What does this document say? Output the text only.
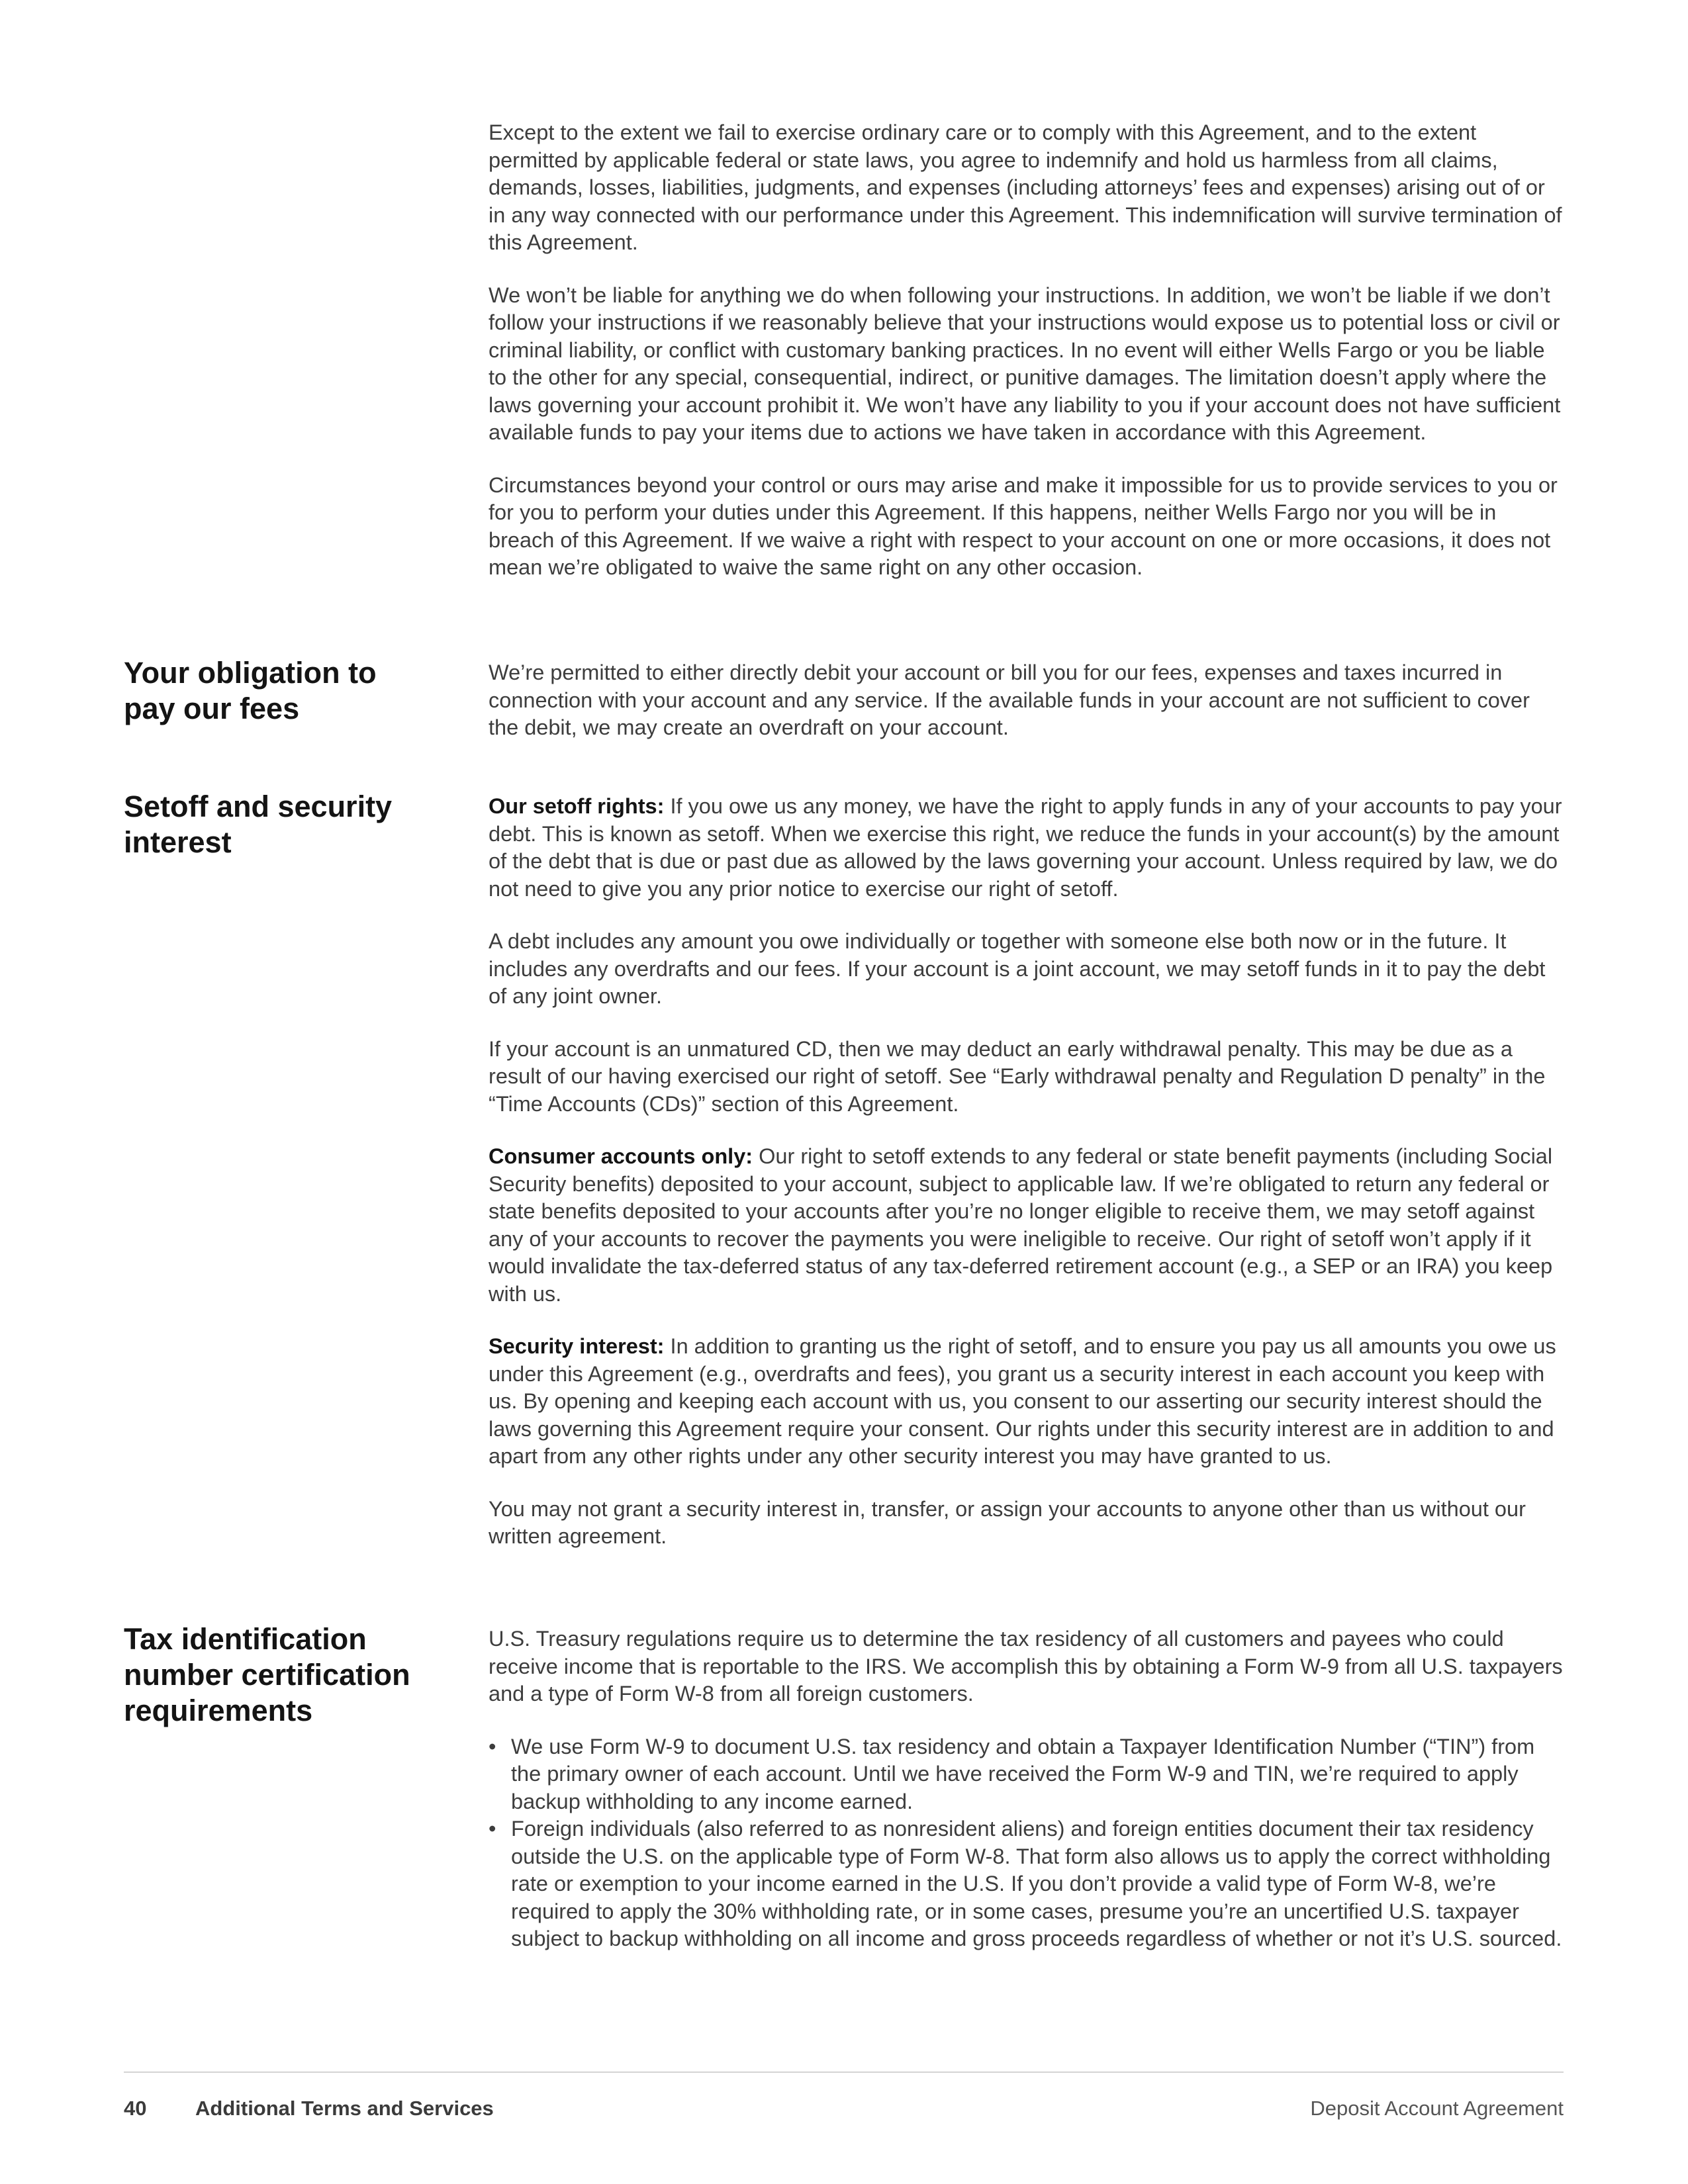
Except to the extent we fail to exercise ordinary care or to comply with this Agreement, and to the extent permitted by applicable federal or state laws, you agree to indemnify and hold us harmless from all claims, demands, losses, liabilities, judgments, and expenses (including attorneys’ fees and expenses) arising out of or in any way connected with our performance under this Agreement. This indemnification will survive termination of this Agreement.

We won’t be liable for anything we do when following your instructions. In addition, we won’t be liable if we don’t follow your instructions if we reasonably believe that your instructions would expose us to potential loss or civil or criminal liability, or conflict with customary banking practices. In no event will either Wells Fargo or you be liable to the other for any special, consequential, indirect, or punitive damages. The limitation doesn’t apply where the laws governing your account prohibit it. We won’t have any liability to you if your account does not have sufficient available funds to pay your items due to actions we have taken in accordance with this Agreement.

Circumstances beyond your control or ours may arise and make it impossible for us to provide services to you or for you to perform your duties under this Agreement. If this happens, neither Wells Fargo nor you will be in breach of this Agreement. If we waive a right with respect to your account on one or more occasions, it does not mean we’re obligated to waive the same right on any other occasion.

Your obligation to pay our fees

We’re permitted to either directly debit your account or bill you for our fees, expenses and taxes incurred in connection with your account and any service. If the available funds in your account are not sufficient to cover the debit, we may create an overdraft on your account.

Setoff and security interest

Our setoff rights: If you owe us any money, we have the right to apply funds in any of your accounts to pay your debt. This is known as setoff. When we exercise this right, we reduce the funds in your account(s) by the amount of the debt that is due or past due as allowed by the laws governing your account. Unless required by law, we do not need to give you any prior notice to exercise our right of setoff.

A debt includes any amount you owe individually or together with someone else both now or in the future. It includes any overdrafts and our fees. If your account is a joint account, we may setoff funds in it to pay the debt of any joint owner.

If your account is an unmatured CD, then we may deduct an early withdrawal penalty. This may be due as a result of our having exercised our right of setoff. See “Early withdrawal penalty and Regulation D penalty” in the “Time Accounts (CDs)” section of this Agreement.

Consumer accounts only: Our right to setoff extends to any federal or state benefit payments (including Social Security benefits) deposited to your account, subject to applicable law. If we’re obligated to return any federal or state benefits deposited to your accounts after you’re no longer eligible to receive them, we may setoff against any of your accounts to recover the payments you were ineligible to receive. Our right of setoff won’t apply if it would invalidate the tax-deferred status of any tax-deferred retirement account (e.g., a SEP or an IRA) you keep with us.

Security interest: In addition to granting us the right of setoff, and to ensure you pay us all amounts you owe us under this Agreement (e.g., overdrafts and fees), you grant us a security interest in each account you keep with us. By opening and keeping each account with us, you consent to our asserting our security interest should the laws governing this Agreement require your consent. Our rights under this security interest are in addition to and apart from any other rights under any other security interest you may have granted to us.

You may not grant a security interest in, transfer, or assign your accounts to anyone other than us without our written agreement.

Tax identification number certification requirements

U.S. Treasury regulations require us to determine the tax residency of all customers and payees who could receive income that is reportable to the IRS. We accomplish this by obtaining a Form W-9 from all U.S. taxpayers and a type of Form W-8 from all foreign customers.

• We use Form W-9 to document U.S. tax residency and obtain a Taxpayer Identification Number (“TIN”) from the primary owner of each account. Until we have received the Form W-9 and TIN, we’re required to apply backup withholding to any income earned.
• Foreign individuals (also referred to as nonresident aliens) and foreign entities document their tax residency outside the U.S. on the applicable type of Form W-8. That form also allows us to apply the correct withholding rate or exemption to your income earned in the U.S. If you don’t provide a valid type of Form W-8, we’re required to apply the 30% withholding rate, or in some cases, presume you’re an uncertified U.S. taxpayer subject to backup withholding on all income and gross proceeds regardless of whether or not it’s U.S. sourced.
40 Additional Terms and Services	Deposit Account Agreement
